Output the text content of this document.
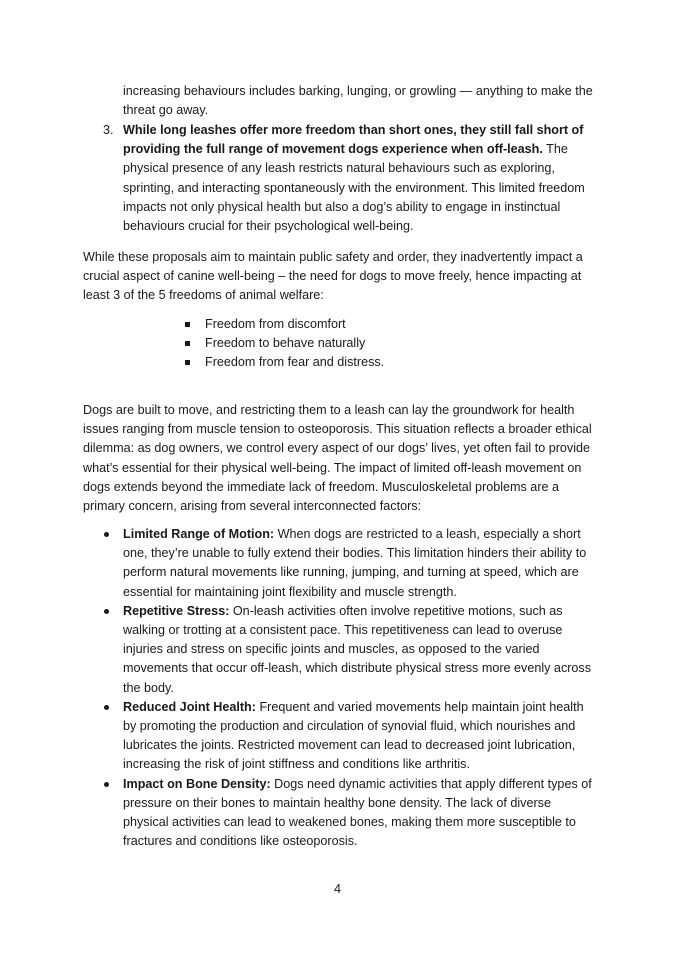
increasing behaviours includes barking, lunging, or growling — anything to make the threat go away.

3. While long leashes offer more freedom than short ones, they still fall short of providing the full range of movement dogs experience when off-leash. The physical presence of any leash restricts natural behaviours such as exploring, sprinting, and interacting spontaneously with the environment. This limited freedom impacts not only physical health but also a dog’s ability to engage in instinctual behaviours crucial for their psychological well-being.

While these proposals aim to maintain public safety and order, they inadvertently impact a crucial aspect of canine well-being – the need for dogs to move freely, hence impacting at least 3 of the 5 freedoms of animal welfare:

Freedom from discomfort
Freedom to behave naturally
Freedom from fear and distress.

Dogs are built to move, and restricting them to a leash can lay the groundwork for health issues ranging from muscle tension to osteoporosis. This situation reflects a broader ethical dilemma: as dog owners, we control every aspect of our dogs’ lives, yet often fail to provide what’s essential for their physical well-being. The impact of limited off-leash movement on dogs extends beyond the immediate lack of freedom. Musculoskeletal problems are a primary concern, arising from several interconnected factors:

Limited Range of Motion: When dogs are restricted to a leash, especially a short one, they’re unable to fully extend their bodies. This limitation hinders their ability to perform natural movements like running, jumping, and turning at speed, which are essential for maintaining joint flexibility and muscle strength.
Repetitive Stress: On-leash activities often involve repetitive motions, such as walking or trotting at a consistent pace. This repetitiveness can lead to overuse injuries and stress on specific joints and muscles, as opposed to the varied movements that occur off-leash, which distribute physical stress more evenly across the body.
Reduced Joint Health: Frequent and varied movements help maintain joint health by promoting the production and circulation of synovial fluid, which nourishes and lubricates the joints. Restricted movement can lead to decreased joint lubrication, increasing the risk of joint stiffness and conditions like arthritis.
Impact on Bone Density: Dogs need dynamic activities that apply different types of pressure on their bones to maintain healthy bone density. The lack of diverse physical activities can lead to weakened bones, making them more susceptible to fractures and conditions like osteoporosis.
4
